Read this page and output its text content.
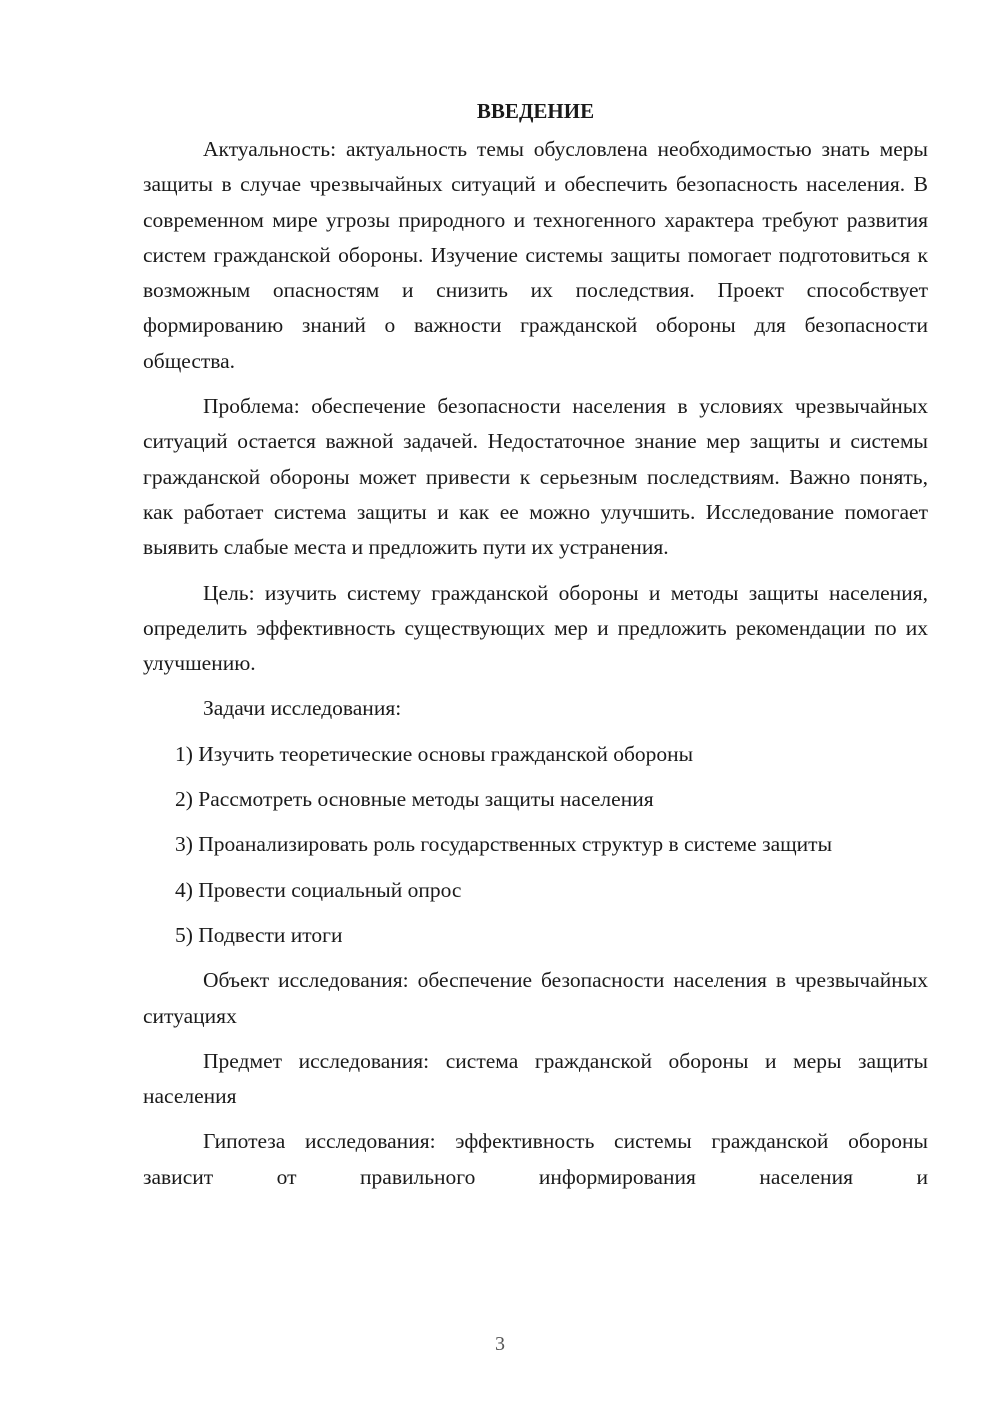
ВВЕДЕНИЕ

Актуальность: актуальность темы обусловлена необходимостью знать меры защиты в случае чрезвычайных ситуаций и обеспечить безопасность населения. В современном мире угрозы природного и техногенного характера требуют развития систем гражданской обороны. Изучение системы защиты помогает подготовиться к возможным опасностям и снизить их последствия. Проект способствует формированию знаний о важности гражданской обороны для безопасности общества.

Проблема: обеспечение безопасности населения в условиях чрезвычайных ситуаций остается важной задачей. Недостаточное знание мер защиты и системы гражданской обороны может привести к серьезным последствиям. Важно понять, как работает система защиты и как ее можно улучшить. Исследование помогает выявить слабые места и предложить пути их устранения.

Цель: изучить систему гражданской обороны и методы защиты населения, определить эффективность существующих мер и предложить рекомендации по их улучшению.

Задачи исследования:

1) Изучить теоретические основы гражданской обороны

2) Рассмотреть основные методы защиты населения

3) Проанализировать роль государственных структур в системе защиты

4) Провести социальный опрос

5) Подвести итоги

Объект исследования: обеспечение безопасности населения в чрезвычайных ситуациях

Предмет исследования: система гражданской обороны и меры защиты населения

Гипотеза исследования: эффективность системы гражданской обороны зависит от правильного информирования населения и

3
